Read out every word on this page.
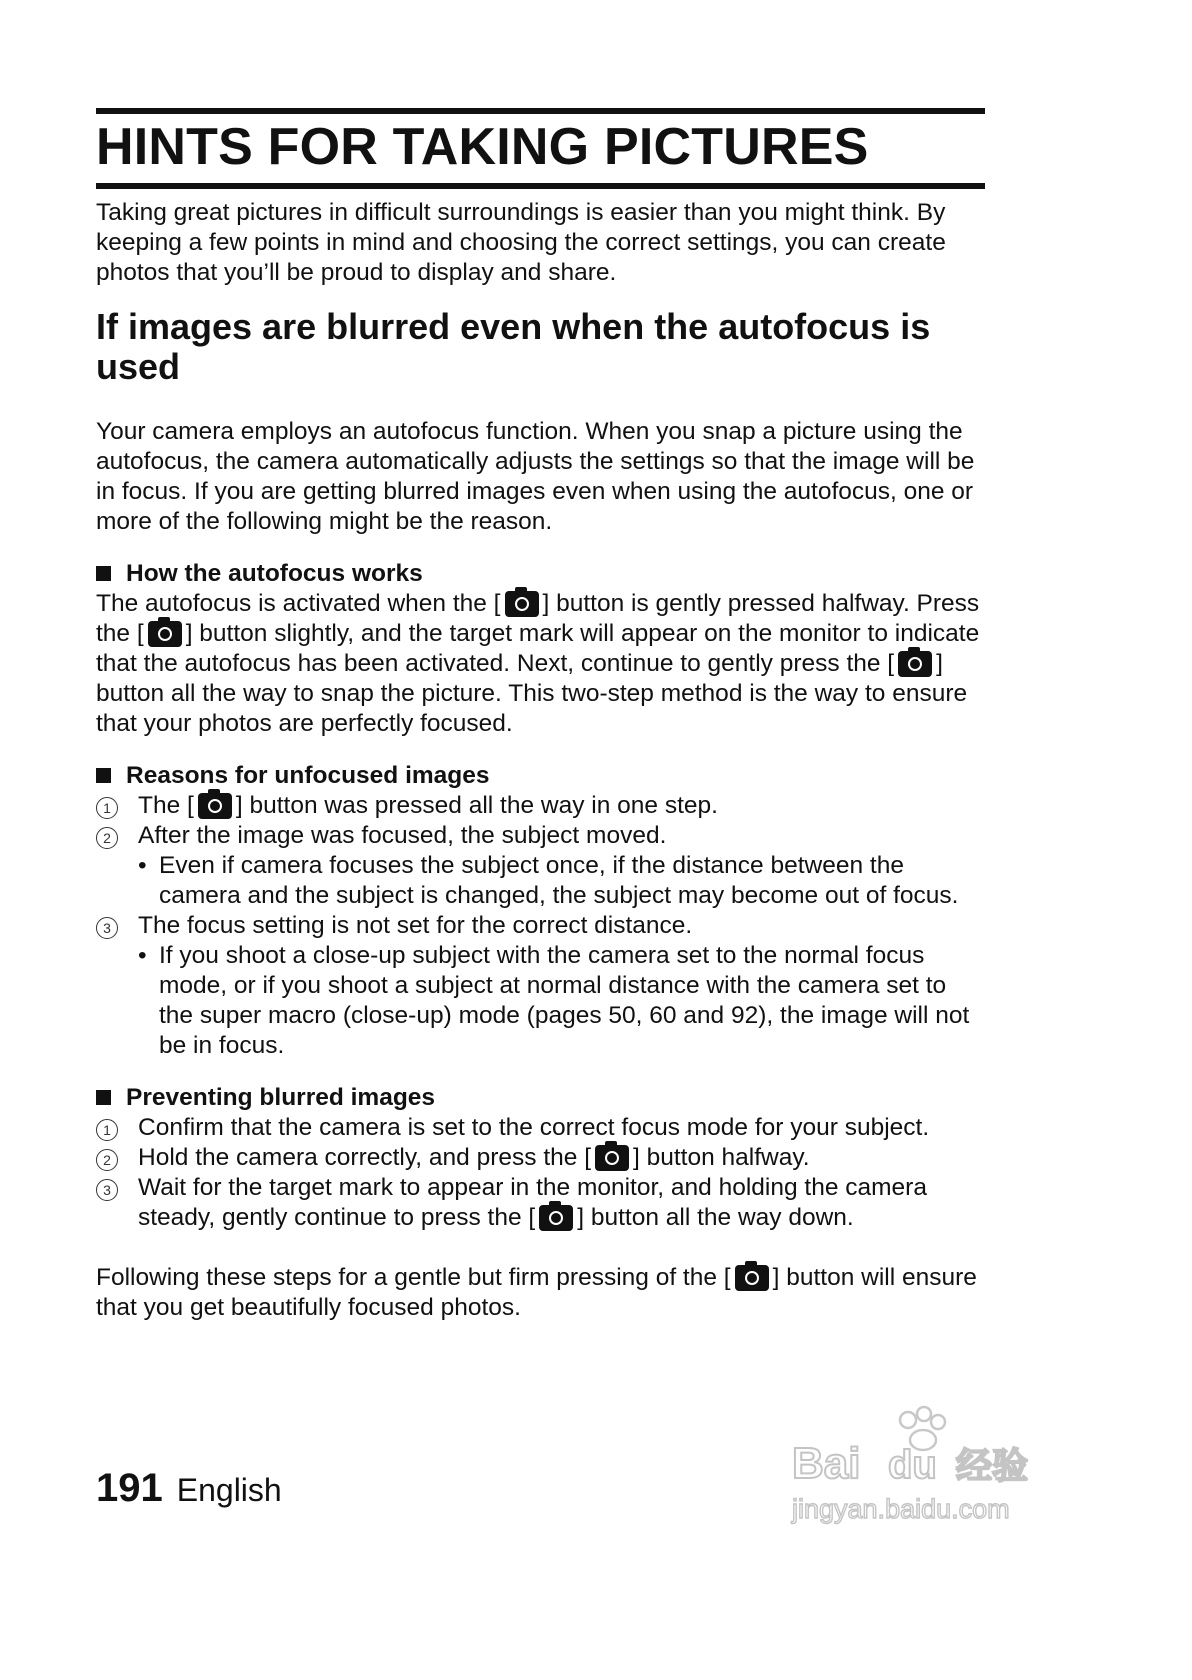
HINTS FOR TAKING PICTURES

Taking great pictures in difficult surroundings is easier than you might think. By keeping a few points in mind and choosing the correct settings, you can create photos that you’ll be proud to display and share.

If images are blurred even when the autofocus is used

Your camera employs an autofocus function. When you snap a picture using the autofocus, the camera automatically adjusts the settings so that the image will be in focus. If you are getting blurred images even when using the autofocus, one or more of the following might be the reason.

How the autofocus works

The autofocus is activated when the [ ] button is gently pressed halfway. Press the [ ] button slightly, and the target mark will appear on the monitor to indicate that the autofocus has been activated. Next, continue to gently press the [ ] button all the way to snap the picture. This two-step method is the way to ensure that your photos are perfectly focused.

Reasons for unfocused images
1	The [ ] button was pressed all the way in one step.
2	After the image was focused, the subject moved.
• Even if camera focuses the subject once, if the distance between the camera and the subject is changed, the subject may become out of focus.
3	The focus setting is not set for the correct distance.
• If you shoot a close-up subject with the camera set to the normal focus mode, or if you shoot a subject at normal distance with the camera set to the super macro (close-up) mode (pages 50, 60 and 92), the image will not be in focus.
Preventing blurred images
1	Confirm that the camera is set to the correct focus mode for your subject.
2	Hold the camera correctly, and press the [ ] button halfway.
3	Wait for the target mark to appear in the monitor, and holding the camera steady, gently continue to press the [ ] button all the way down.

Following these steps for a gentle but firm pressing of the [ ] button will ensure that you get beautifully focused photos.

191 English
Bai du 经验
jingyan.baidu.com
